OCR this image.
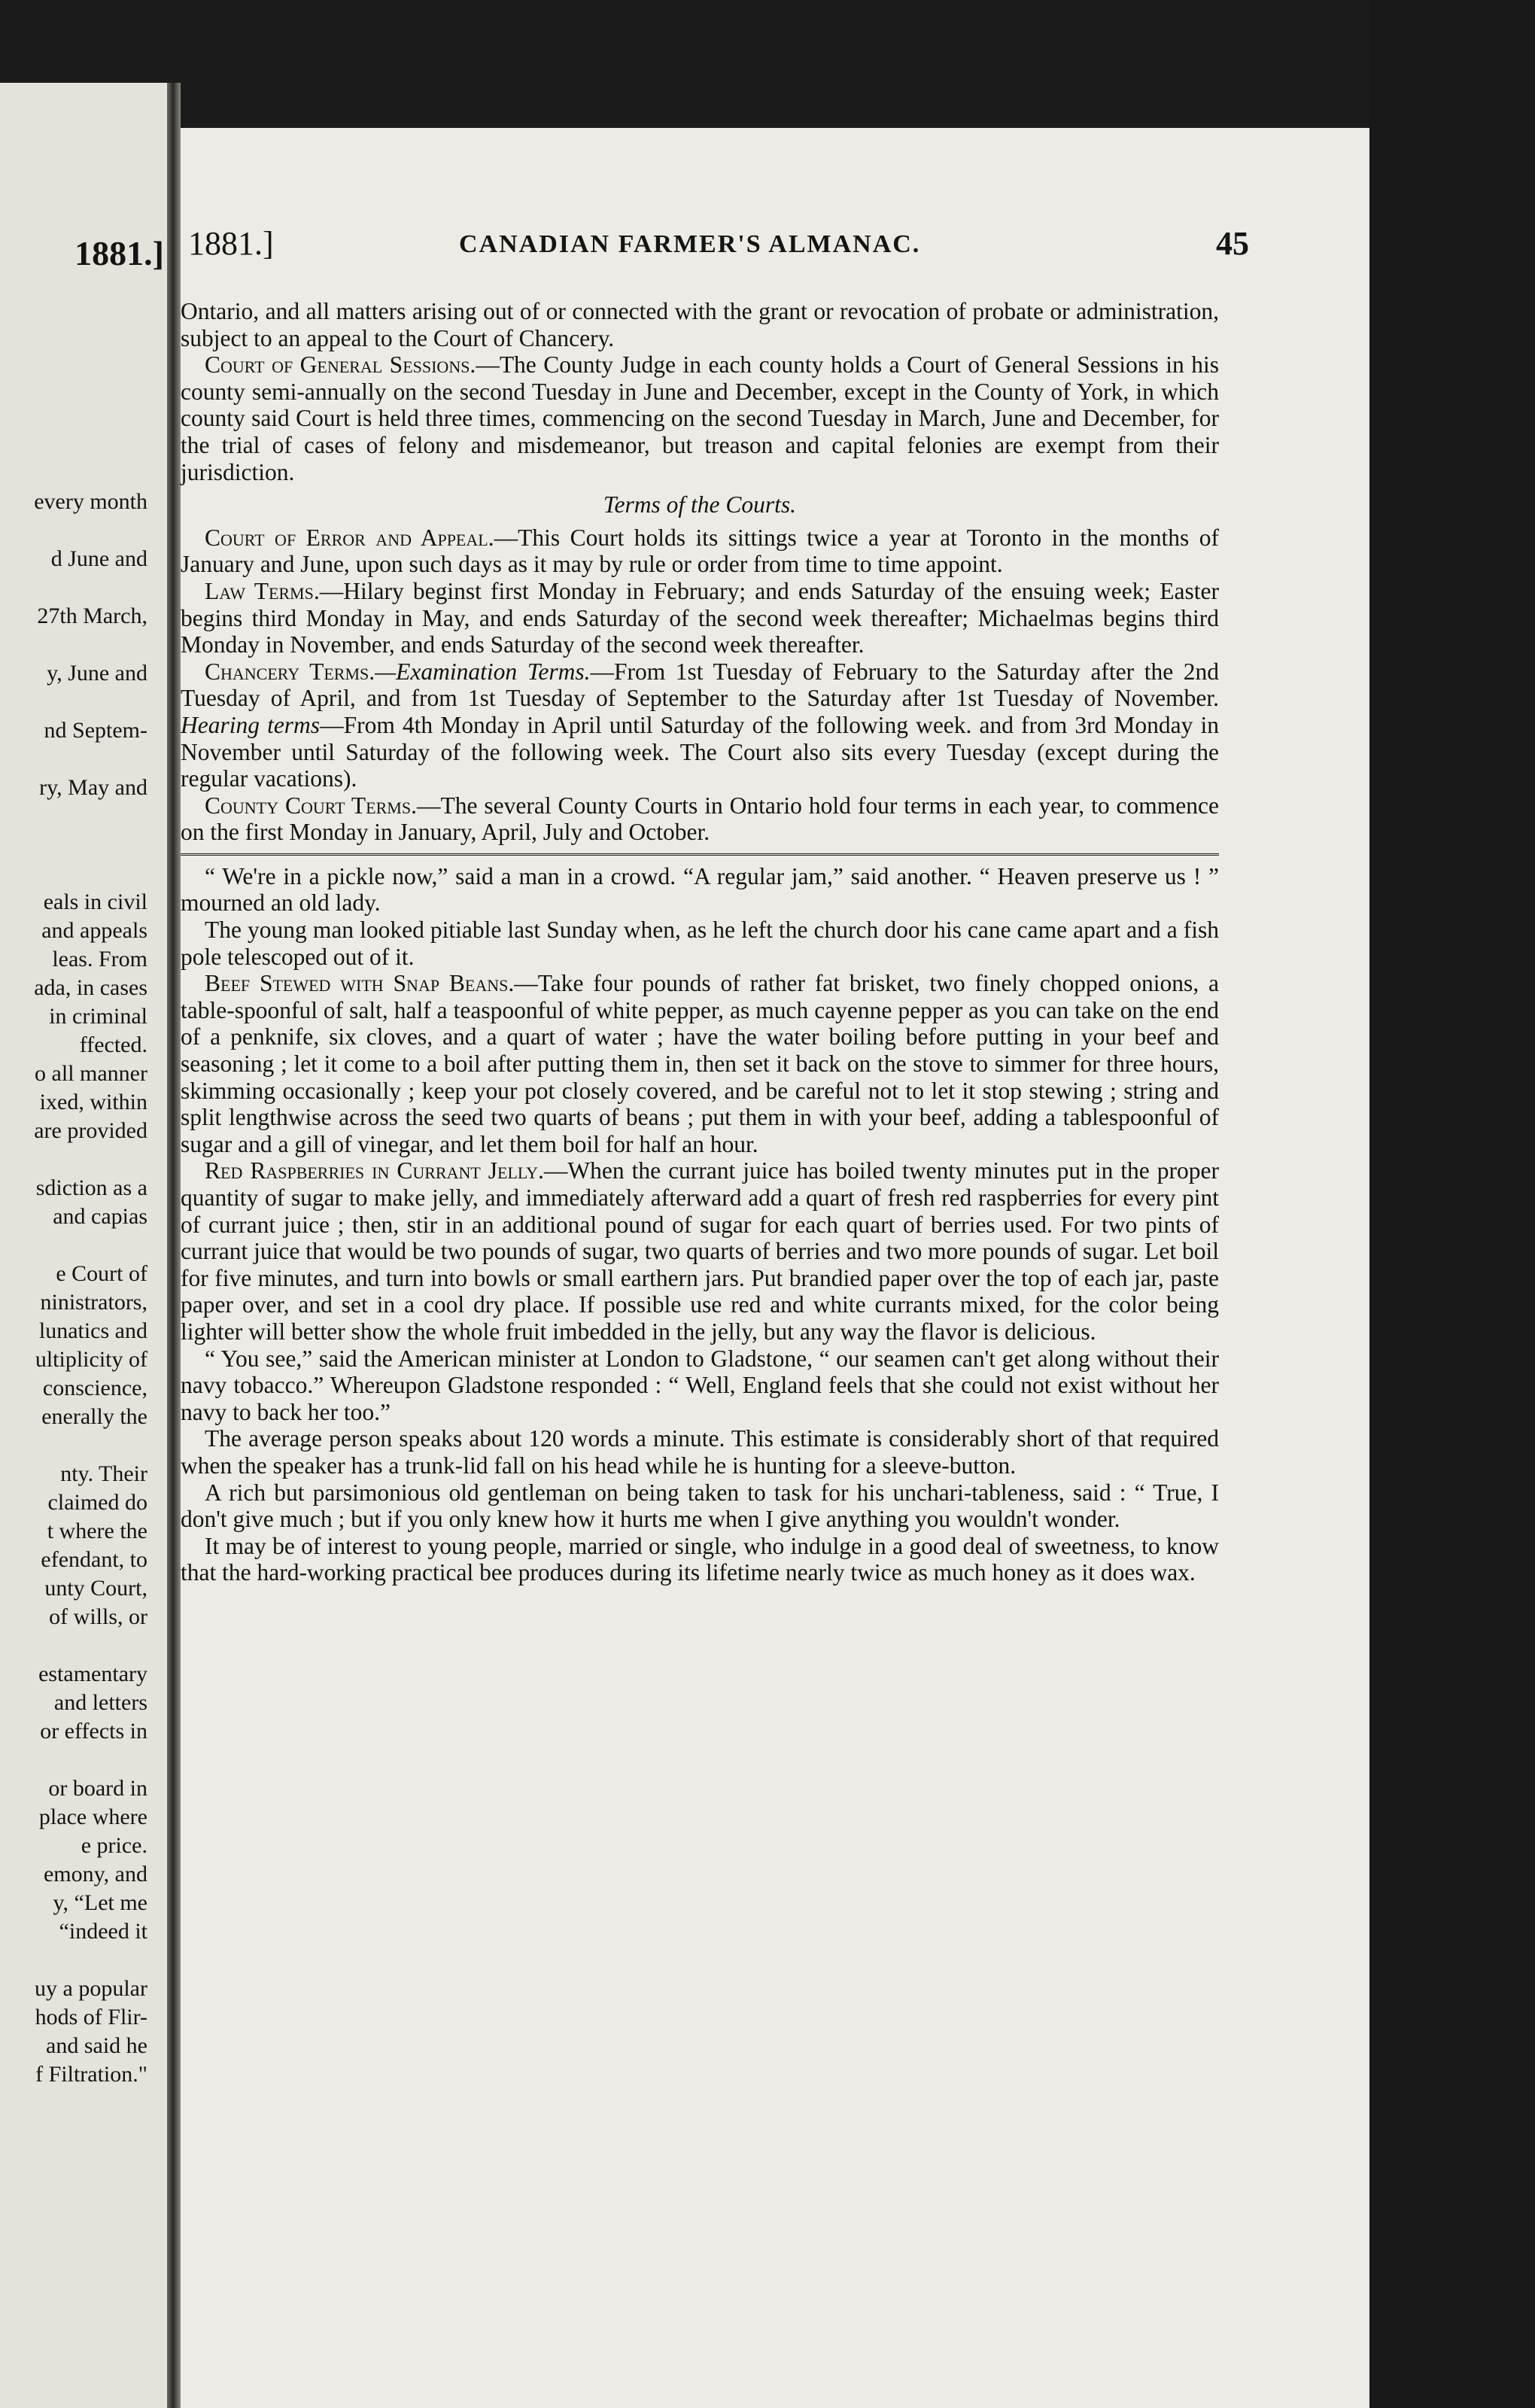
1881.]
every month
d June and
27th March,
y, June and
nd Septem-
ry, May and
eals in civil
and appeals
leas. From
ada, in cases
in criminal
ffected.
o all manner
ixed, within
are provided
sdiction as a
and capias
e Court of
ninistrators,
lunatics and
ultiplicity of
conscience,
enerally the
nty. Their
claimed do
t where the
efendant, to
unty Court,
of wills, or
estamentary
and letters
or effects in
or board in
place where
e price.
emony, and
y, “Let me
“indeed it
uy a popular
hods of Flir-
and said he
f Filtration."
1881.]	CANADIAN FARMER'S ALMANAC.	45

Ontario, and all matters arising out of or connected with the grant or revocation of probate or administration, subject to an appeal to the Court of Chancery.

Court of General Sessions.—The County Judge in each county holds a Court of General Sessions in his county semi-annually on the second Tuesday in June and December, except in the County of York, in which county said Court is held three times, commencing on the second Tuesday in March, June and December, for the trial of cases of felony and misdemeanor, but treason and capital felonies are exempt from their jurisdiction.

Terms of the Courts.

Court of Error and Appeal.—This Court holds its sittings twice a year at Toronto in the months of January and June, upon such days as it may by rule or order from time to time appoint.

Law Terms.—Hilary beginst first Monday in February; and ends Saturday of the ensuing week; Easter begins third Monday in May, and ends Saturday of the second week thereafter; Michaelmas begins third Monday in November, and ends Saturday of the second week thereafter.

Chancery Terms.—Examination Terms.—From 1st Tuesday of February to the Saturday after the 2nd Tuesday of April, and from 1st Tuesday of September to the Saturday after 1st Tuesday of November. Hearing terms—From 4th Monday in April until Saturday of the following week. and from 3rd Monday in November until Saturday of the following week. The Court also sits every Tuesday (except during the regular vacations).

County Court Terms.—The several County Courts in Ontario hold four terms in each year, to commence on the first Monday in January, April, July and October.

“ We're in a pickle now,” said a man in a crowd. “A regular jam,” said another. “ Heaven preserve us ! ” mourned an old lady.

The young man looked pitiable last Sunday when, as he left the church door his cane came apart and a fish pole telescoped out of it.

Beef Stewed with Snap Beans.—Take four pounds of rather fat brisket, two finely chopped onions, a table-spoonful of salt, half a teaspoonful of white pepper, as much cayenne pepper as you can take on the end of a penknife, six cloves, and a quart of water ; have the water boiling before putting in your beef and seasoning ; let it come to a boil after putting them in, then set it back on the stove to simmer for three hours, skimming occasionally ; keep your pot closely covered, and be careful not to let it stop stewing ; string and split lengthwise across the seed two quarts of beans ; put them in with your beef, adding a tablespoonful of sugar and a gill of vinegar, and let them boil for half an hour.

Red Raspberries in Currant Jelly.—When the currant juice has boiled twenty minutes put in the proper quantity of sugar to make jelly, and immediately afterward add a quart of fresh red raspberries for every pint of currant juice ; then, stir in an additional pound of sugar for each quart of berries used. For two pints of currant juice that would be two pounds of sugar, two quarts of berries and two more pounds of sugar. Let boil for five minutes, and turn into bowls or small earthern jars. Put brandied paper over the top of each jar, paste paper over, and set in a cool dry place. If possible use red and white currants mixed, for the color being lighter will better show the whole fruit imbedded in the jelly, but any way the flavor is delicious.

“ You see,” said the American minister at London to Gladstone, “ our seamen can't get along without their navy tobacco.” Whereupon Gladstone responded : “ Well, England feels that she could not exist without her navy to back her too.”

The average person speaks about 120 words a minute. This estimate is considerably short of that required when the speaker has a trunk-lid fall on his head while he is hunting for a sleeve-button.

A rich but parsimonious old gentleman on being taken to task for his unchari-tableness, said : “ True, I don't give much ; but if you only knew how it hurts me when I give anything you wouldn't wonder.

It may be of interest to young people, married or single, who indulge in a good deal of sweetness, to know that the hard-working practical bee produces during its lifetime nearly twice as much honey as it does wax.
